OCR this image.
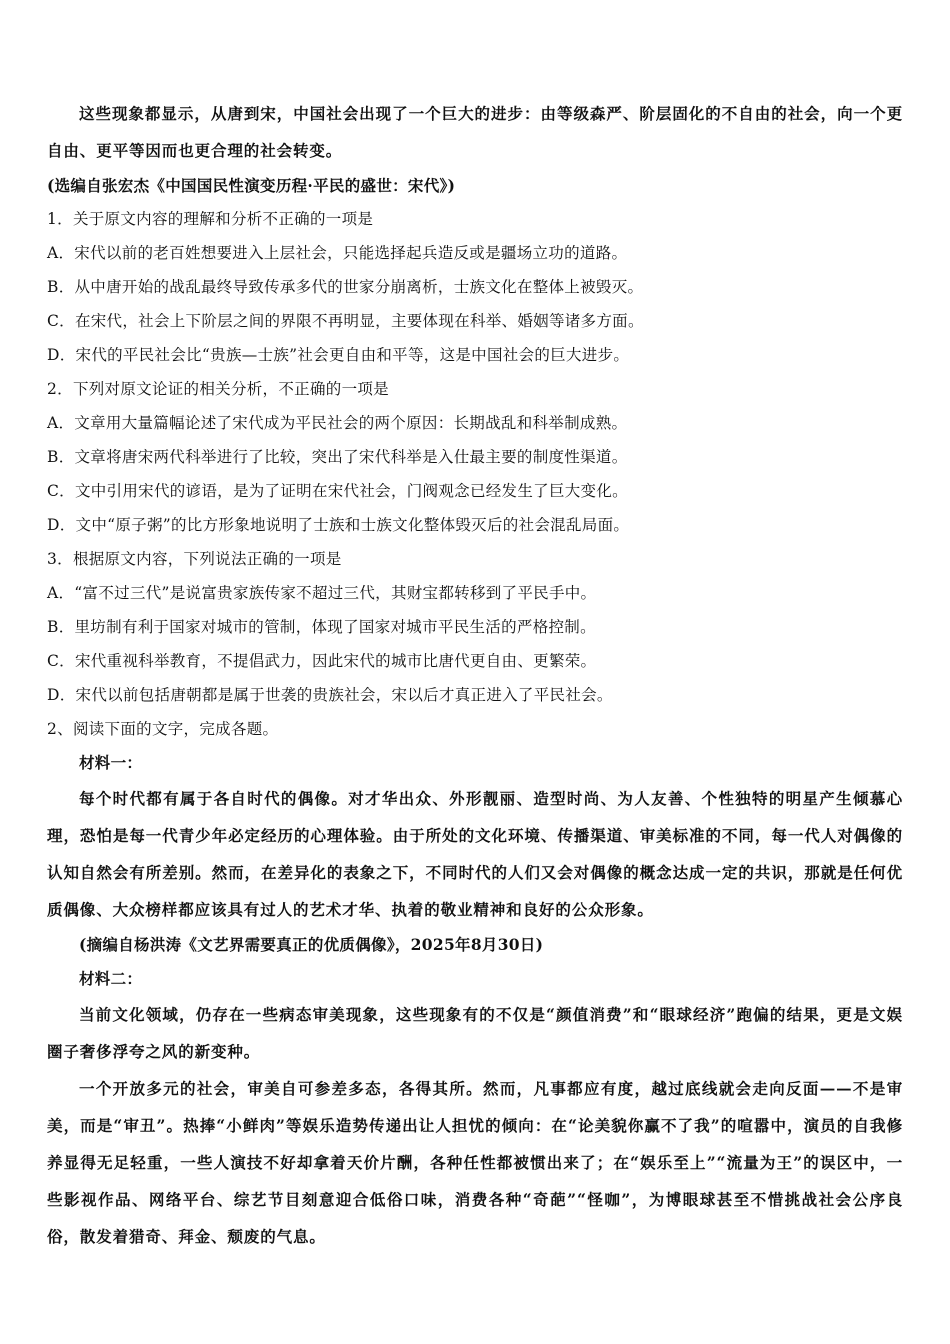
这些现象都显示，从唐到宋，中国社会出现了一个巨大的进步：由等级森严、阶层固化的不自由的社会，向一个更自由、更平等因而也更合理的社会转变。

(选编自张宏杰《中国国民性演变历程·平民的盛世：宋代》)

1．关于原文内容的理解和分析不正确的一项是

A．宋代以前的老百姓想要进入上层社会，只能选择起兵造反或是疆场立功的道路。

B．从中唐开始的战乱最终导致传承多代的世家分崩离析，士族文化在整体上被毁灭。

C．在宋代，社会上下阶层之间的界限不再明显，主要体现在科举、婚姻等诸多方面。

D．宋代的平民社会比“贵族—士族”社会更自由和平等，这是中国社会的巨大进步。

2．下列对原文论证的相关分析，不正确的一项是

A．文章用大量篇幅论述了宋代成为平民社会的两个原因：长期战乱和科举制成熟。

B．文章将唐宋两代科举进行了比较，突出了宋代科举是入仕最主要的制度性渠道。

C．文中引用宋代的谚语，是为了证明在宋代社会，门阀观念已经发生了巨大变化。

D．文中“原子粥”的比方形象地说明了士族和士族文化整体毁灭后的社会混乱局面。

3．根据原文内容，下列说法正确的一项是

A．“富不过三代”是说富贵家族传家不超过三代，其财宝都转移到了平民手中。

B．里坊制有利于国家对城市的管制，体现了国家对城市平民生活的严格控制。

C．宋代重视科举教育，不提倡武力，因此宋代的城市比唐代更自由、更繁荣。

D．宋代以前包括唐朝都是属于世袭的贵族社会，宋以后才真正进入了平民社会。

2、阅读下面的文字，完成各题。

材料一：

每个时代都有属于各自时代的偶像。对才华出众、外形靓丽、造型时尚、为人友善、个性独特的明星产生倾慕心理，恐怕是每一代青少年必定经历的心理体验。由于所处的文化环境、传播渠道、审美标准的不同，每一代人对偶像的认知自然会有所差别。然而，在差异化的表象之下，不同时代的人们又会对偶像的概念达成一定的共识，那就是任何优质偶像、大众榜样都应该具有过人的艺术才华、执着的敬业精神和良好的公众形象。

(摘编自杨洪涛《文艺界需要真正的优质偶像》，2025年8月30日)

材料二：

当前文化领域，仍存在一些病态审美现象，这些现象有的不仅是“颜值消费”和“眼球经济”跑偏的结果，更是文娱圈子奢侈浮夸之风的新变种。

一个开放多元的社会，审美自可参差多态，各得其所。然而，凡事都应有度，越过底线就会走向反面——不是审美，而是“审丑”。热捧“小鲜肉”等娱乐造势传递出让人担忧的倾向：在“论美貌你赢不了我”的喧嚣中，演员的自我修养显得无足轻重，一些人演技不好却拿着天价片酬，各种任性都被惯出来了；在“娱乐至上”“流量为王”的误区中，一些影视作品、网络平台、综艺节目刻意迎合低俗口味，消费各种“奇葩”“怪咖”，为博眼球甚至不惜挑战社会公序良俗，散发着猎奇、拜金、颓废的气息。
